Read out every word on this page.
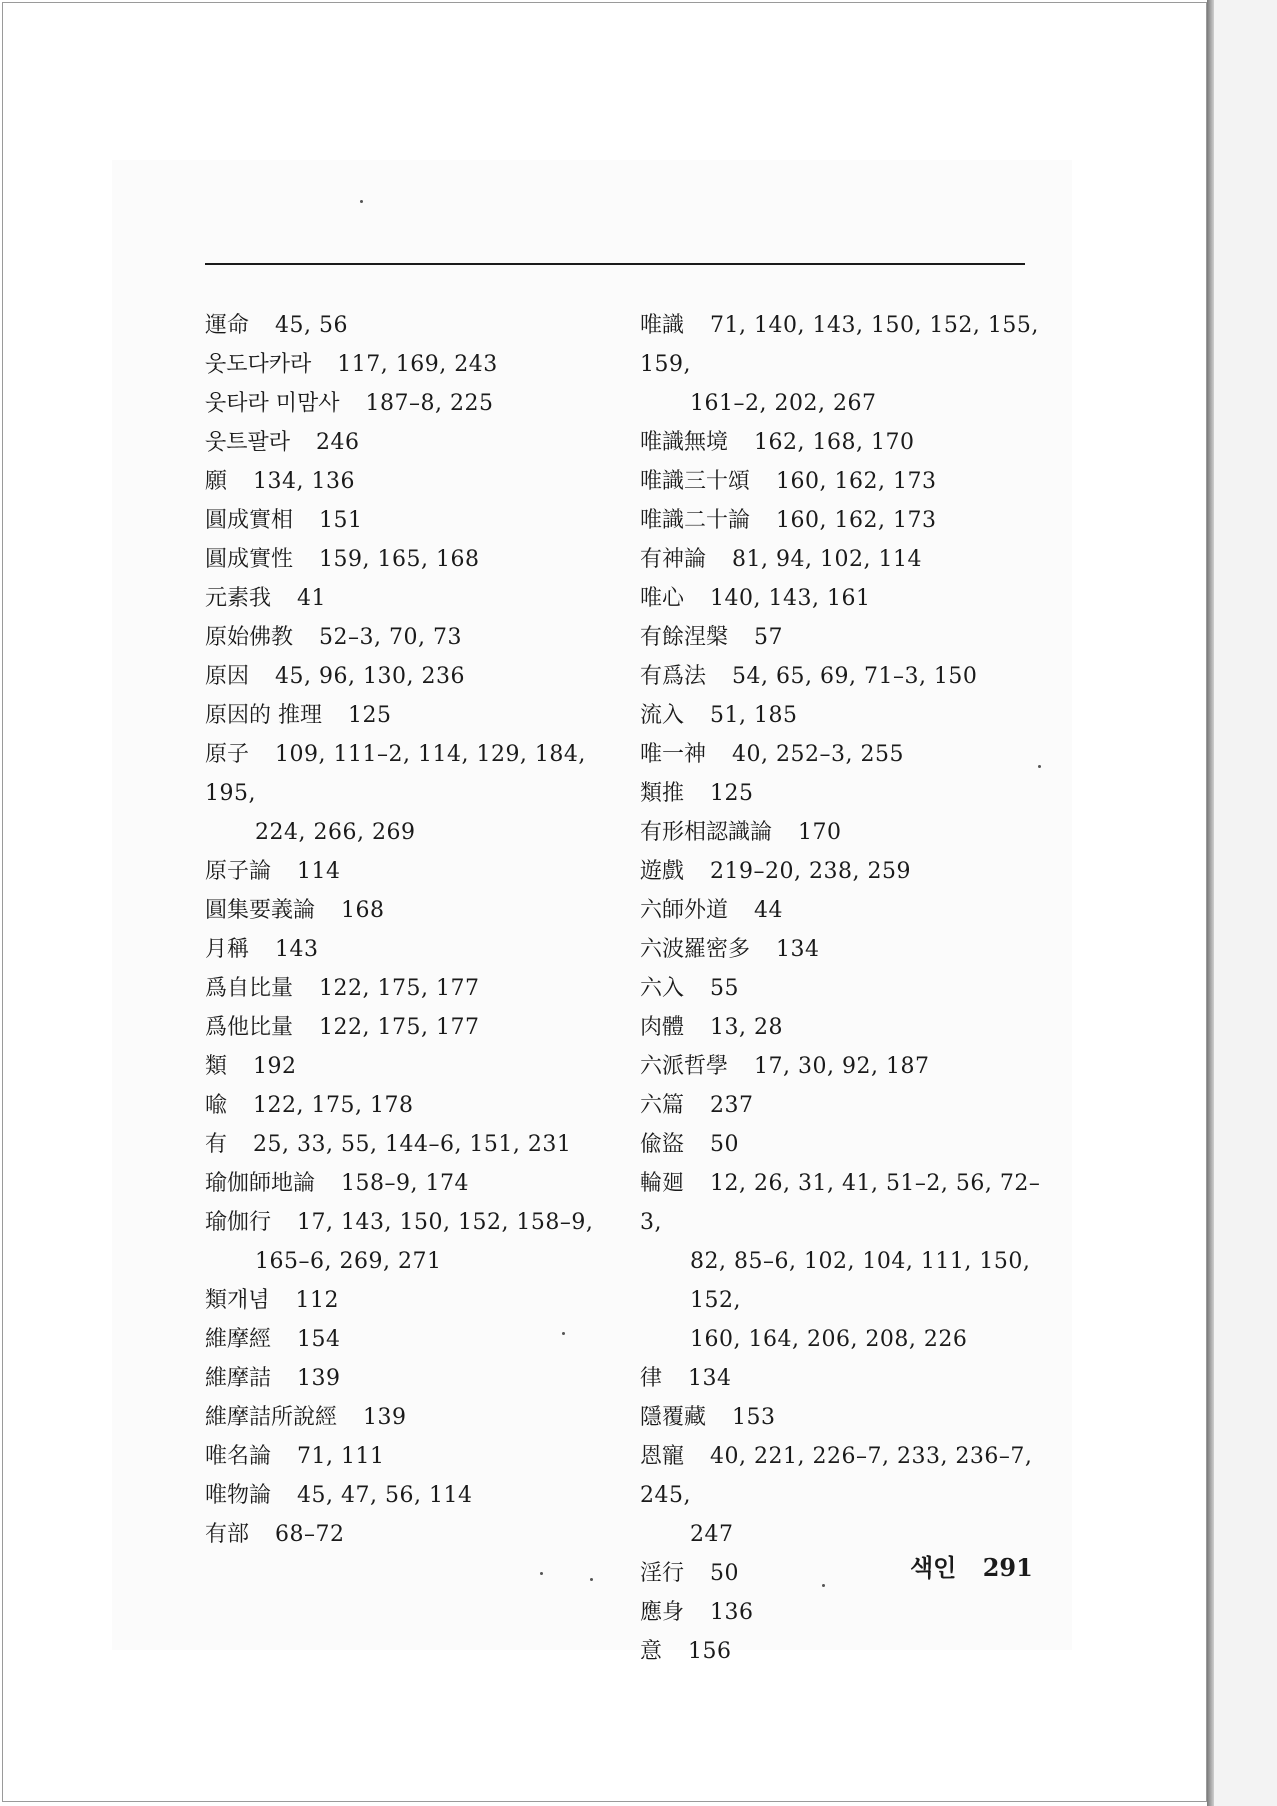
運命 45, 56
웃도다카라 117, 169, 243
웃타라 미맘사 187–8, 225
웃트팔라 246
願 134, 136
圓成實相 151
圓成實性 159, 165, 168
元素我 41
原始佛教 52–3, 70, 73
原因 45, 96, 130, 236
原因的 推理 125
原子 109, 111–2, 114, 129, 184, 195,
224, 266, 269
原子論 114
圓集要義論 168
月稱 143
爲自比量 122, 175, 177
爲他比量 122, 175, 177
類 192
喩 122, 175, 178
有 25, 33, 55, 144–6, 151, 231
瑜伽師地論 158–9, 174
瑜伽行 17, 143, 150, 152, 158–9,
165–6, 269, 271
類개념 112
維摩經 154
維摩詰 139
維摩詰所說經 139
唯名論 71, 111
唯物論 45, 47, 56, 114
有部 68–72
唯識 71, 140, 143, 150, 152, 155, 159,
161–2, 202, 267
唯識無境 162, 168, 170
唯識三十頌 160, 162, 173
唯識二十論 160, 162, 173
有神論 81, 94, 102, 114
唯心 140, 143, 161
有餘涅槃 57
有爲法 54, 65, 69, 71–3, 150
流入 51, 185
唯一神 40, 252–3, 255
類推 125
有形相認識論 170
遊戲 219–20, 238, 259
六師外道 44
六波羅密多 134
六入 55
肉體 13, 28
六派哲學 17, 30, 92, 187
六篇 237
偸盜 50
輪廻 12, 26, 31, 41, 51–2, 56, 72–3,
82, 85–6, 102, 104, 111, 150, 152,
160, 164, 206, 208, 226
律 134
隱覆藏 153
恩寵 40, 221, 226–7, 233, 236–7, 245,
247
淫行 50
應身 136
意 156
색인 291
